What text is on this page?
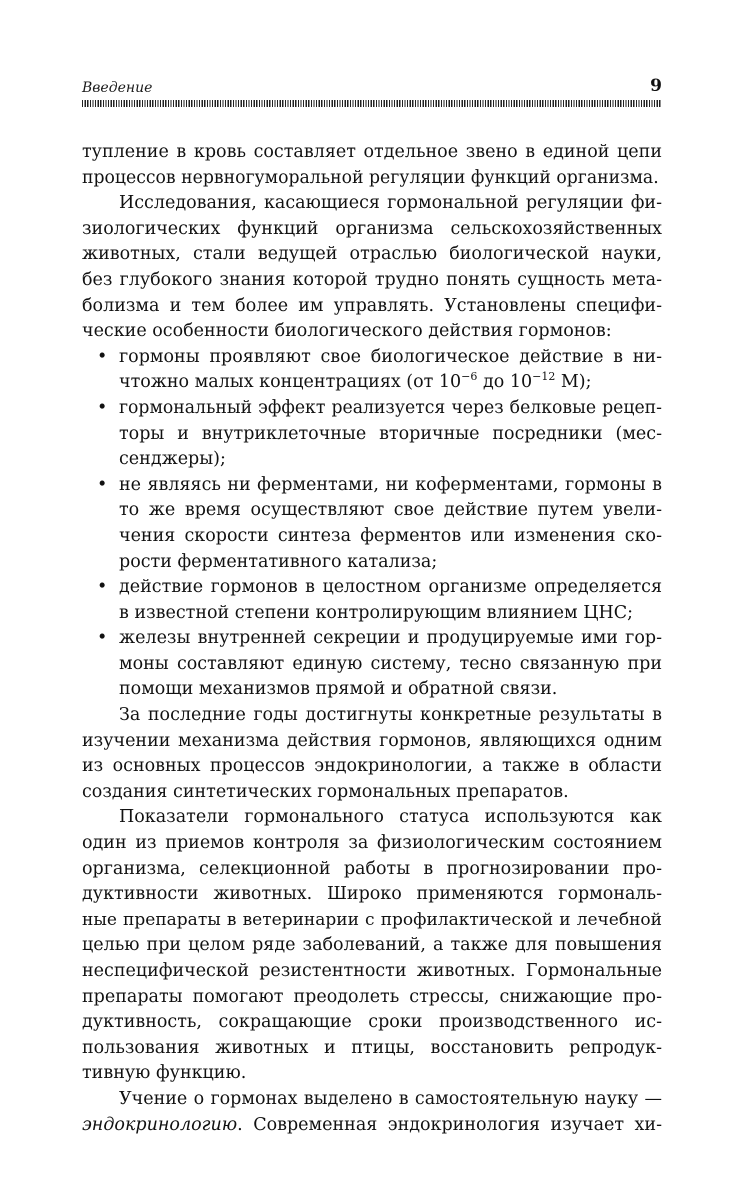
Введение	9
тупление в кровь составляет отдельное звено в единой цепи
процессов нервногуморальной регуляции функций организма.
Исследования, касающиеся гормональной регуляции фи-
зиологических функций организма сельскохозяйственных
животных, стали ведущей отраслью биологической науки,
без глубокого знания которой трудно понять сущность мета-
болизма и тем более им управлять. Установлены специфи-
ческие особенности биологического действия гормонов:
• гормоны проявляют свое биологическое действие в ни-
чтожно малых концентрациях (от $10^{-6}$ до $10^{-12}$ М);
• гормональный эффект реализуется через белковые рецеп-
торы и внутриклеточные вторичные посредники (мес-
сенджеры);
• не являясь ни ферментами, ни коферментами, гормоны в
то же время осуществляют свое действие путем увели-
чения скорости синтеза ферментов или изменения ско-
рости ферментативного катализа;
• действие гормонов в целостном организме определяется
в известной степени контролирующим влиянием ЦНС;
• железы внутренней секреции и продуцируемые ими гор-
моны составляют единую систему, тесно связанную при
помощи механизмов прямой и обратной связи.
За последние годы достигнуты конкретные результаты в
изучении механизма действия гормонов, являющихся одним
из основных процессов эндокринологии, а также в области
создания синтетических гормональных препаратов.
Показатели гормонального статуса используются как
один из приемов контроля за физиологическим состоянием
организма, селекционной работы в прогнозировании про-
дуктивности животных. Широко применяются гормональ-
ные препараты в ветеринарии с профилактической и лечебной
целью при целом ряде заболеваний, а также для повышения
неспецифической резистентности животных. Гормональные
препараты помогают преодолеть стрессы, снижающие про-
дуктивность, сокращающие сроки производственного ис-
пользования животных и птицы, восстановить репродук-
тивную функцию.
Учение о гормонах выделено в самостоятельную науку —
эндокринологию. Современная эндокринология изучает хи-
